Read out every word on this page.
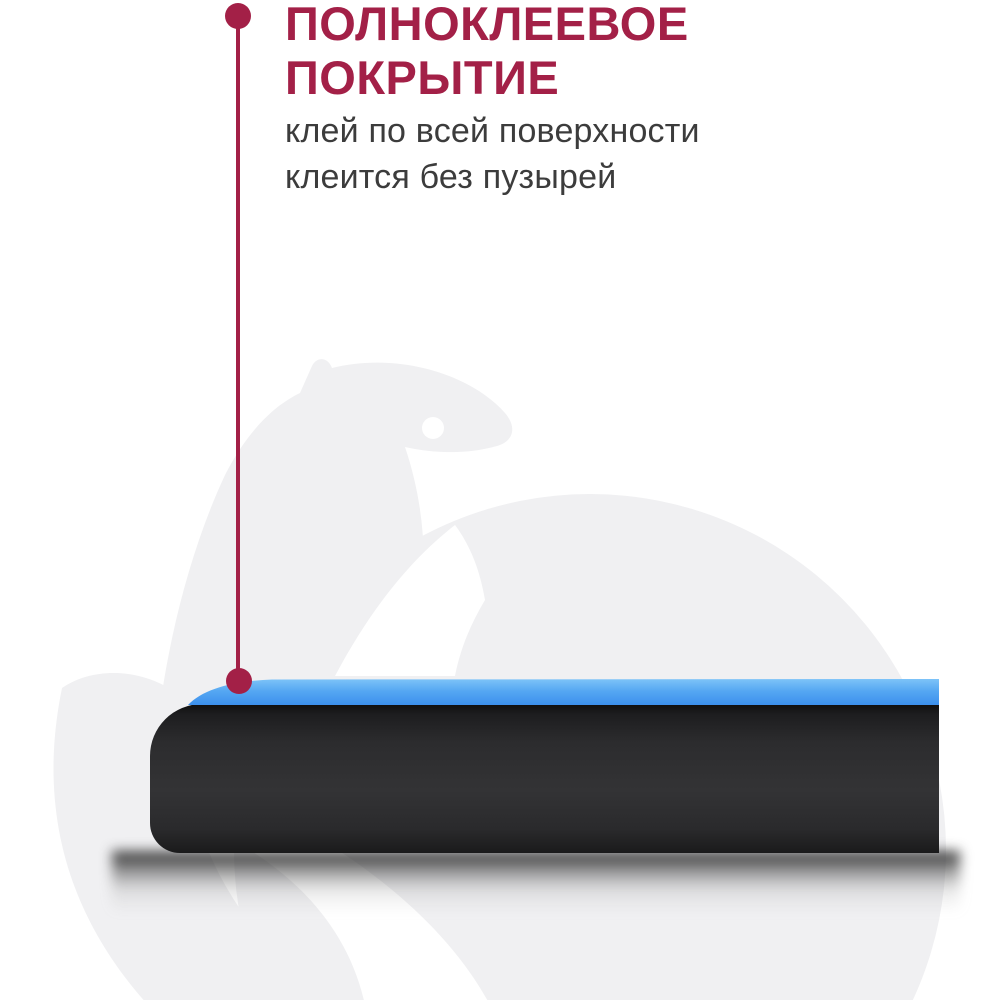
ПОЛНОКЛЕЕВОЕ
ПОКРЫТИЕ

клей по всей поверхности
клеится без пузырей
